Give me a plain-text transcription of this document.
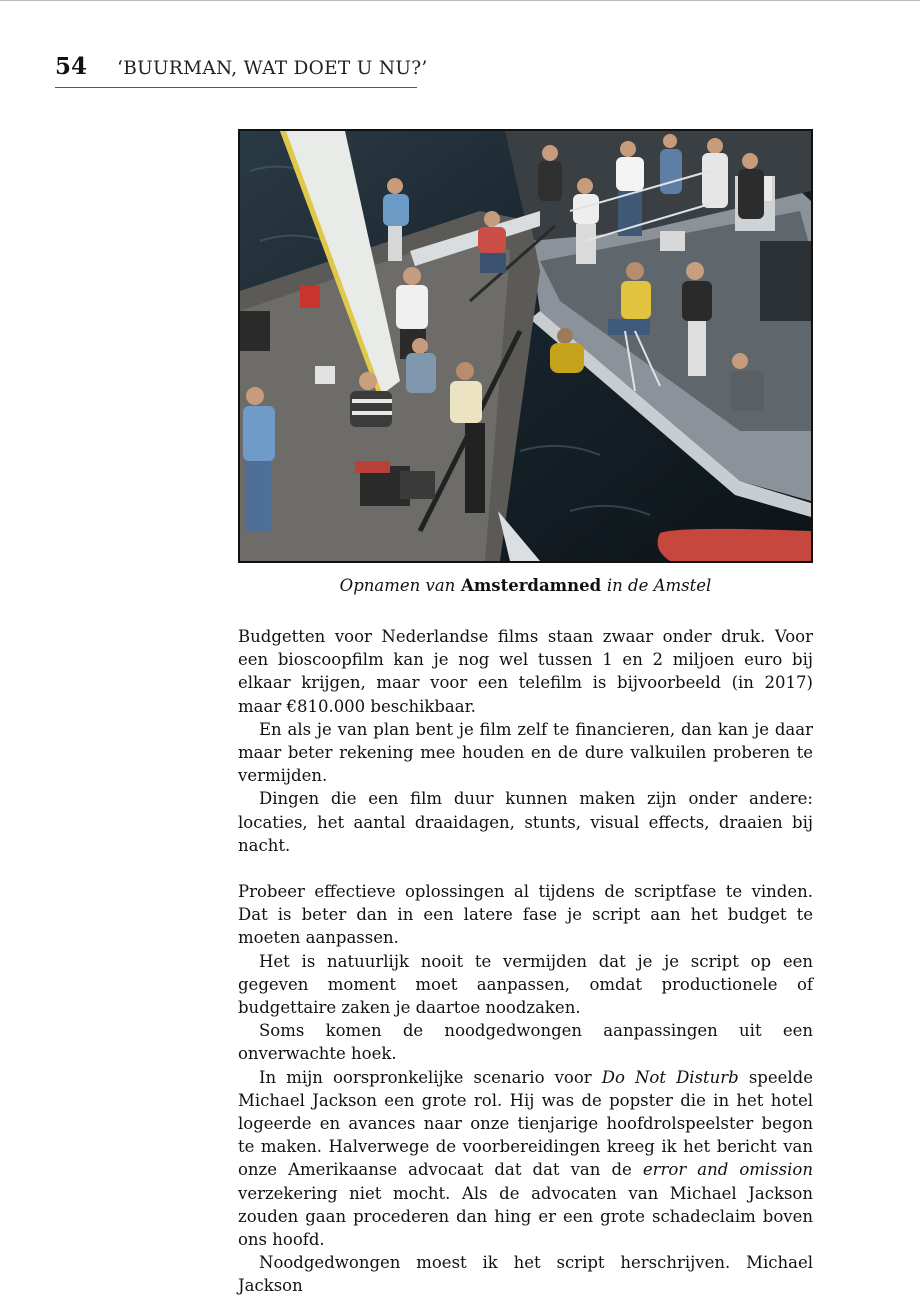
54 ‘BUURMAN, WAT DOET U NU?’
Opnamen van Amsterdamned in de Amstel

Budgetten voor Nederlandse films staan zwaar onder druk. Voor een bioscoopfilm kan je nog wel tussen 1 en 2 miljoen euro bij elkaar krijgen, maar voor een telefilm is bijvoorbeeld (in 2017) maar €810.000 beschikbaar.

En als je van plan bent je film zelf te financieren, dan kan je daar maar beter rekening mee houden en de dure valkuilen proberen te vermijden.

Dingen die een film duur kunnen maken zijn onder andere: locaties, het aantal draaidagen, stunts, visual effects, draaien bij nacht.

Probeer effectieve oplossingen al tijdens de scriptfase te vinden. Dat is beter dan in een latere fase je script aan het budget te moeten aanpassen.

Het is natuurlijk nooit te vermijden dat je je script op een gegeven moment moet aanpassen, omdat productionele of budgettaire zaken je daartoe noodzaken.

Soms komen de noodgedwongen aanpassingen uit een onverwachte hoek.

In mijn oorspronkelijke scenario voor Do Not Disturb speelde Michael Jackson een grote rol. Hij was de popster die in het hotel logeerde en avances naar onze tienjarige hoofdrolspeelster begon te maken. Halverwege de voorbereidingen kreeg ik het bericht van onze Amerikaanse advocaat dat dat van de error and omission verzekering niet mocht. Als de advocaten van Michael Jackson zouden gaan procederen dan hing er een grote schadeclaim boven ons hoofd.

Noodgedwongen moest ik het script herschrijven. Michael Jackson
